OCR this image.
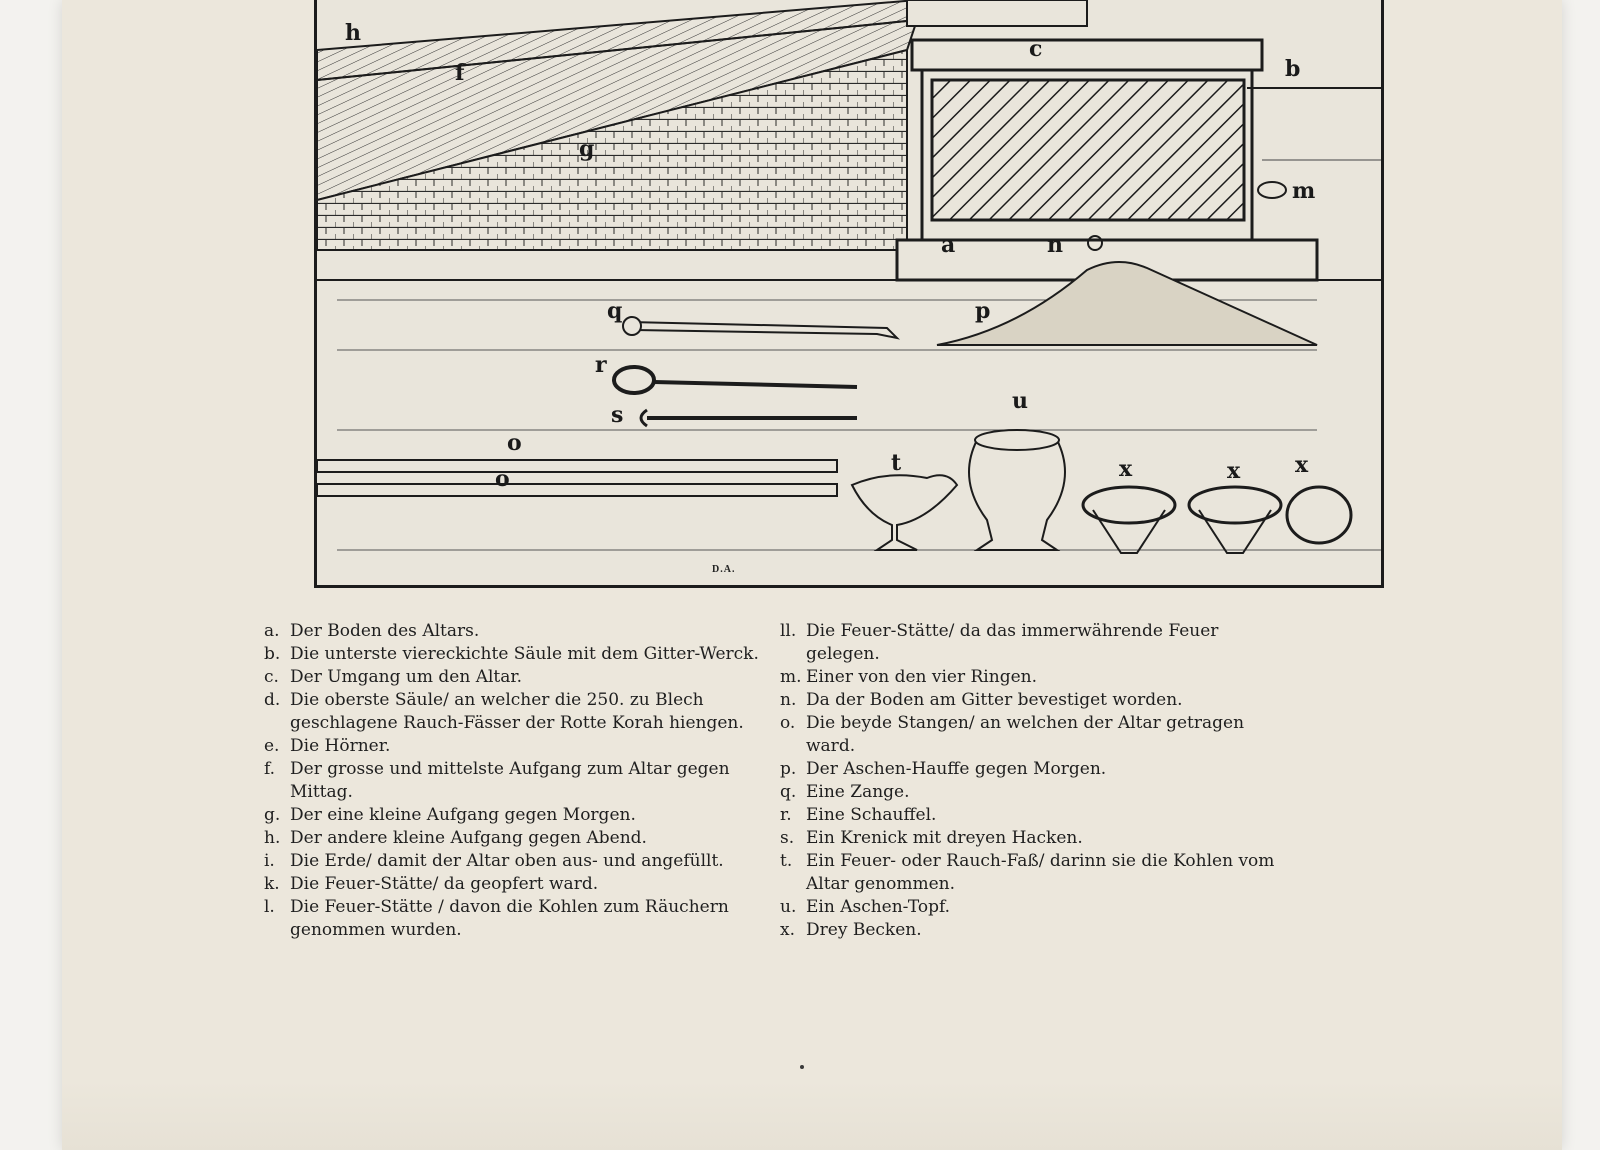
h
f
g
c
b
a	n
m
q	p
r
s
u
o
o
t	x	x x
D.A.
a. Der Boden des Altars.
b. Die unterste viereckichte Säule mit dem Gitter-Werck.
c. Der Umgang um den Altar.
d. Die oberste Säule/ an welcher die 250. zu Blech geschlagene Rauch-Fässer der Rotte Korah hiengen.
e. Die Hörner.
f. Der grosse und mittelste Aufgang zum Altar gegen Mittag.
g. Der eine kleine Aufgang gegen Morgen.
h. Der andere kleine Aufgang gegen Abend.
i. Die Erde/ damit der Altar oben aus- und angefüllt.
k. Die Feuer-Stätte/ da geopfert ward.
l. Die Feuer-Stätte / davon die Kohlen zum Räuchern genommen wurden.
ll. Die Feuer-Stätte/ da das immerwährende Feuer gelegen.
m. Einer von den vier Ringen.
n. Da der Boden am Gitter bevestiget worden.
o. Die beyde Stangen/ an welchen der Altar getragen ward.
p. Der Aschen-Hauffe gegen Morgen.
q. Eine Zange.
r. Eine Schauffel.
s. Ein Krenick mit dreyen Hacken.
t. Ein Feuer- oder Rauch-Faß/ darinn sie die Kohlen vom Altar genommen.
u. Ein Aschen-Topf.
x. Drey Becken.
